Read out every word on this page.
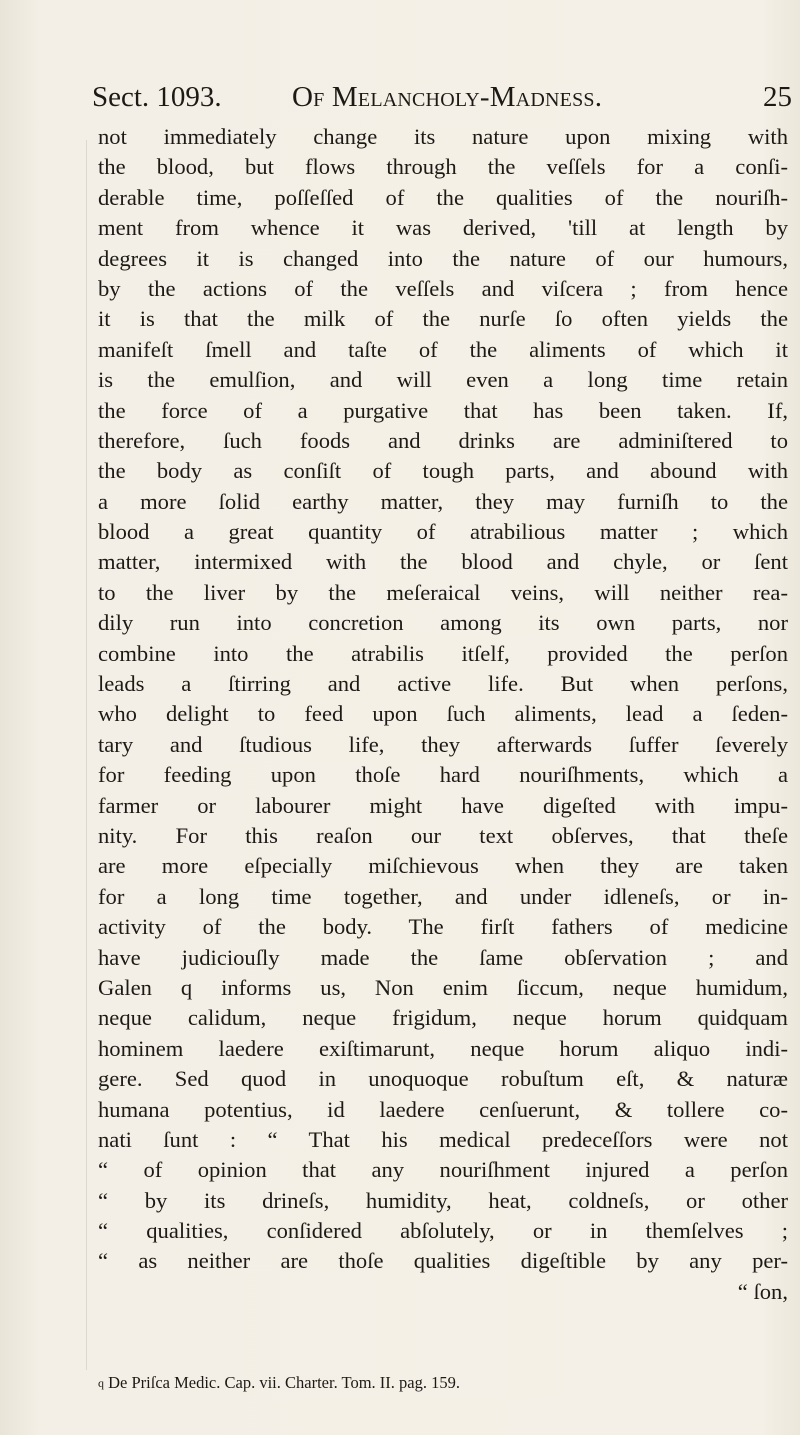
Sect. 1093. Of Melancholy-Madneſs.	25
not immediately change its nature upon mixing with
the blood, but flows through the veſſels for a conſi-
derable time, poſſeſſed of the qualities of the nouriſh-
ment from whence it was derived, 'till at length by
degrees it is changed into the nature of our humours,
by the actions of the veſſels and viſcera ; from hence
it is that the milk of the nurſe ſo often yields the
manifeſt ſmell and taſte of the aliments of which it
is the emulſion, and will even a long time retain
the force of a purgative that has been taken. If,
therefore, ſuch foods and drinks are adminiſtered to
the body as conſiſt of tough parts, and abound with
a more ſolid earthy matter, they may furniſh to the
blood a great quantity of atrabilious matter ; which
matter, intermixed with the blood and chyle, or ſent
to the liver by the meſeraical veins, will neither rea-
dily run into concretion among its own parts, nor
combine into the atrabilis itſelf, provided the perſon
leads a ſtirring and active life. But when perſons,
who delight to feed upon ſuch aliments, lead a ſeden-
tary and ſtudious life, they afterwards ſuffer ſeverely
for feeding upon thoſe hard nouriſhments, which a
farmer or labourer might have digeſted with impu-
nity. For this reaſon our text obſerves, that theſe
are more eſpecially miſchievous when they are taken
for a long time together, and under idleneſs, or in-
activity of the body. The firſt fathers of medicine
have judiciouſly made the ſame obſervation ; and
Galen q informs us, Non enim ſiccum, neque humidum,
neque calidum, neque frigidum, neque horum quidquam
hominem laedere exiſtimarunt, neque horum aliquo indi-
gere. Sed quod in unoquoque robuſtum eſt, & naturæ
humana potentius, id laedere cenſuerunt, & tollere co-
nati ſunt : “ That his medical predeceſſors were not
“ of opinion that any nouriſhment injured a perſon
“ by its drineſs, humidity, heat, coldneſs, or other
“ qualities, conſidered abſolutely, or in themſelves ;
“ as neither are thoſe qualities digeſtible by any per-
“ ſon,
$^q$ De Priſca Medic. Cap. vii. Charter. Tom. II. pag. 159.
